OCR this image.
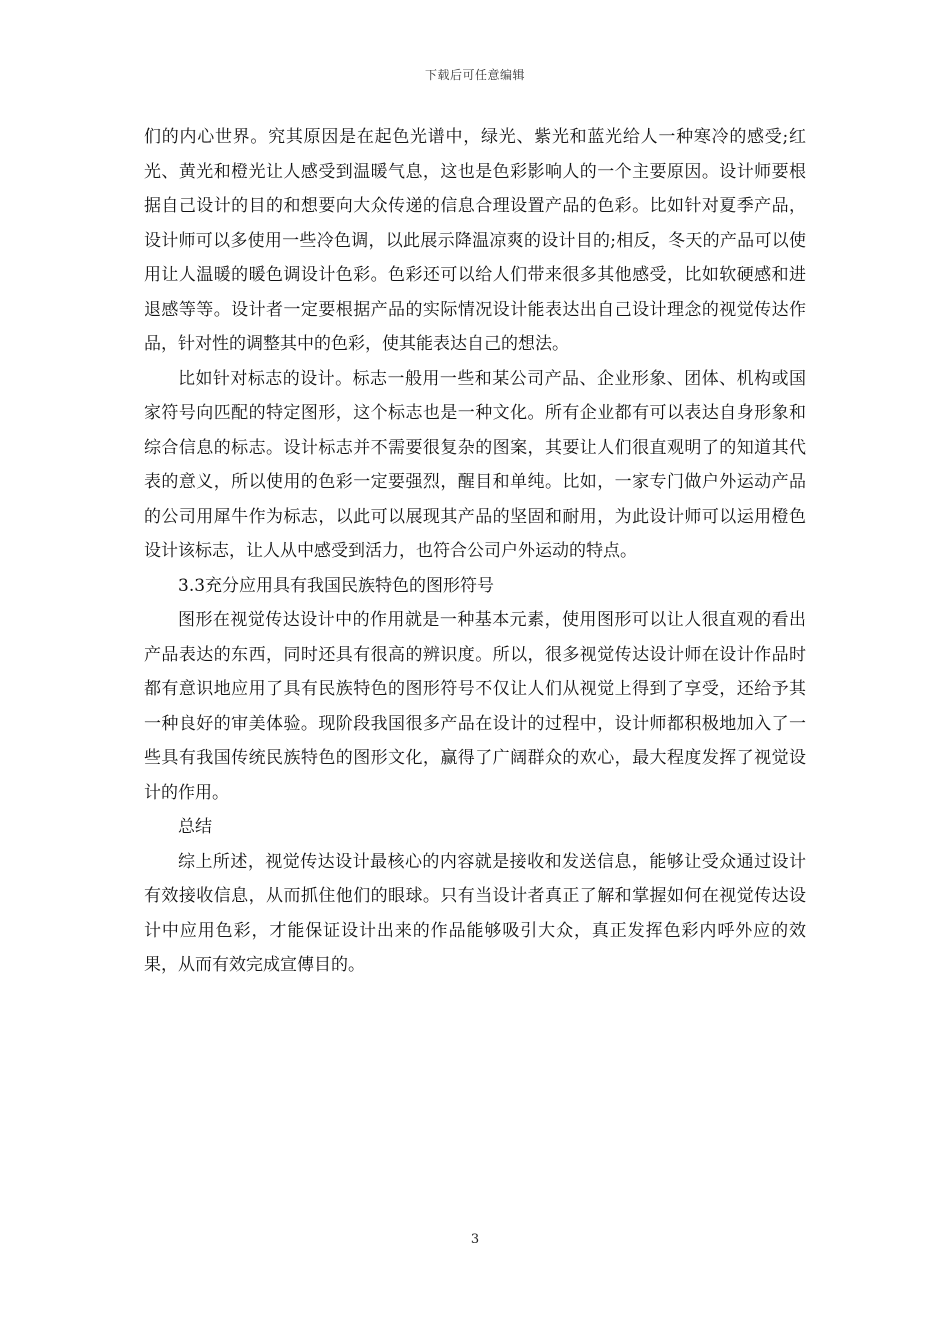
下载后可任意编辑

们的内心世界。究其原因是在起色光谱中，绿光、紫光和蓝光给人一种寒冷的感受;红光、黄光和橙光让人感受到温暖气息，这也是色彩影响人的一个主要原因。设计师要根据自己设计的目的和想要向大众传递的信息合理设置产品的色彩。比如针对夏季产品，设计师可以多使用一些冷色调，以此展示降温凉爽的设计目的;相反，冬天的产品可以使用让人温暖的暖色调设计色彩。色彩还可以给人们带来很多其他感受，比如软硬感和进退感等等。设计者一定要根据产品的实际情况设计能表达出自己设计理念的视觉传达作品，针对性的调整其中的色彩，使其能表达自己的想法。

比如针对标志的设计。标志一般用一些和某公司产品、企业形象、团体、机构或国家符号向匹配的特定图形，这个标志也是一种文化。所有企业都有可以表达自身形象和综合信息的标志。设计标志并不需要很复杂的图案，其要让人们很直观明了的知道其代表的意义，所以使用的色彩一定要强烈，醒目和单纯。比如，一家专门做户外运动产品的公司用犀牛作为标志，以此可以展现其产品的坚固和耐用，为此设计师可以运用橙色设计该标志，让人从中感受到活力，也符合公司户外运动的特点。

3.3充分应用具有我国民族特色的图形符号

图形在视觉传达设计中的作用就是一种基本元素，使用图形可以让人很直观的看出产品表达的东西，同时还具有很高的辨识度。所以，很多视觉传达设计师在设计作品时都有意识地应用了具有民族特色的图形符号不仅让人们从视觉上得到了享受，还给予其一种良好的审美体验。现阶段我国很多产品在设计的过程中，设计师都积极地加入了一些具有我国传统民族特色的图形文化，赢得了广阔群众的欢心，最大程度发挥了视觉设计的作用。

总结

综上所述，视觉传达设计最核心的内容就是接收和发送信息，能够让受众通过设计有效接收信息，从而抓住他们的眼球。只有当设计者真正了解和掌握如何在视觉传达设计中应用色彩，才能保证设计出来的作品能够吸引大众，真正发挥色彩内呼外应的效果，从而有效完成宣傳目的。

3
